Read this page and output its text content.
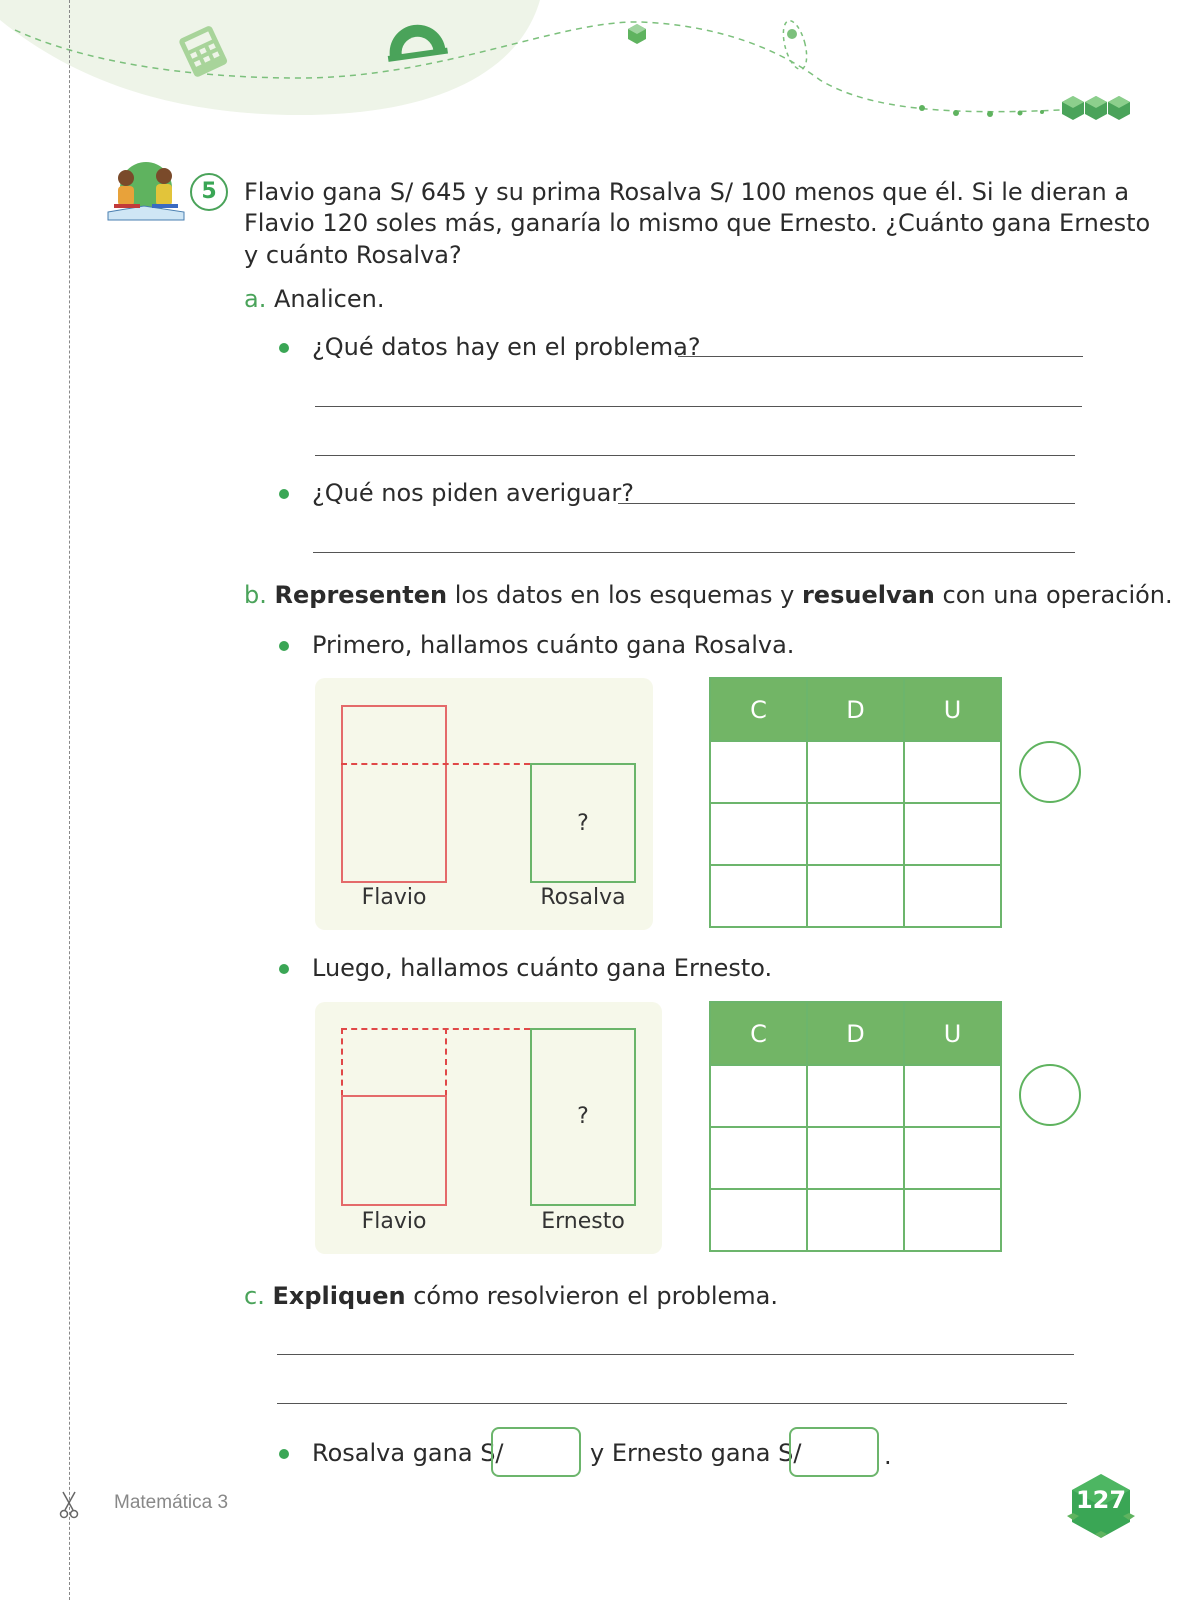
5	Flavio gana S/ 645 y su prima Rosalva S/ 100 menos que él. Si le dieran a
Flavio 120 soles más, ganaría lo mismo que Ernesto. ¿Cuánto gana Ernesto
y cuánto Rosalva?
a. Analicen.
¿Qué datos hay en el problema?
¿Qué nos piden averiguar?
b. Representen los datos en los esquemas y resuelvan con una operación.
Primero, hallamos cuánto gana Rosalva.
?
Flavio	Rosalva
C	D	U

Luego, hallamos cuánto gana Ernesto.
?
Flavio	Ernesto
C	D	U

c. Expliquen cómo resolvieron el problema.
Rosalva gana S/	y Ernesto gana S/	.
Matemática 3	127
